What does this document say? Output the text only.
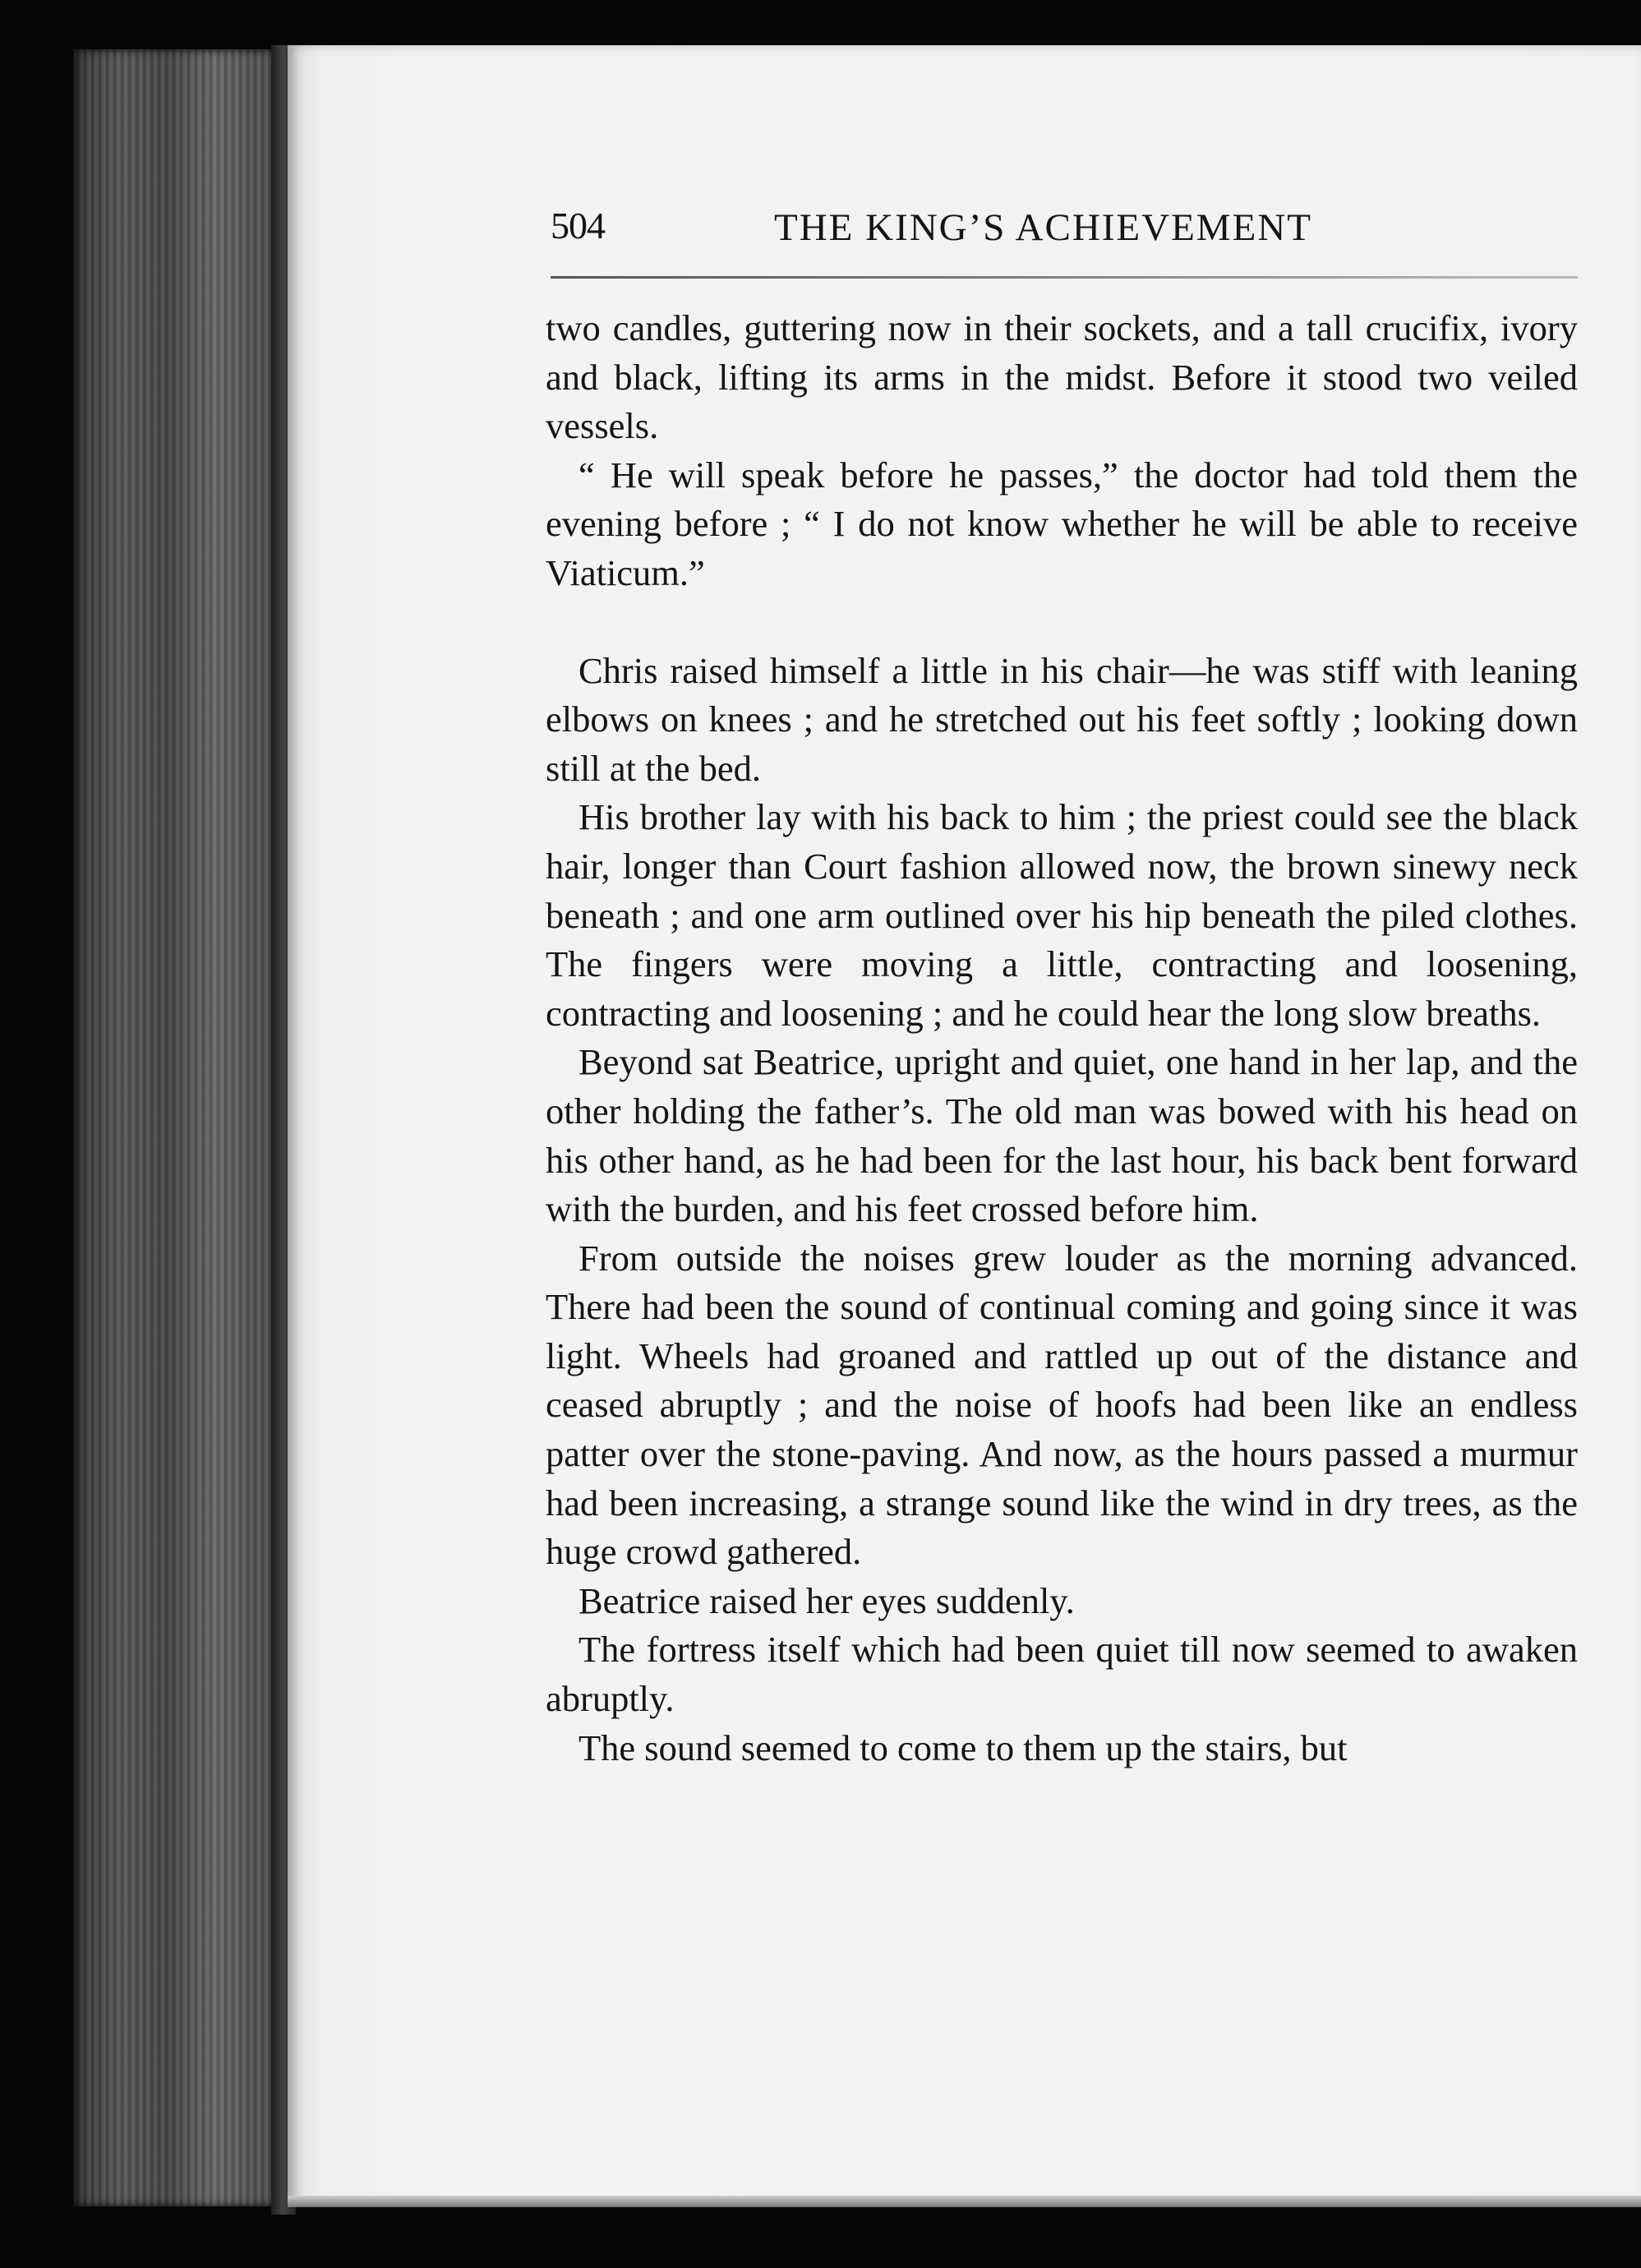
504	THE KING’S ACHIEVEMENT

two candles, guttering now in their sockets, and a tall crucifix, ivory and black, lifting its arms in the midst. Before it stood two veiled vessels.

“ He will speak before he passes,” the doctor had told them the evening before ; “ I do not know whether he will be able to receive Viaticum.”

Chris raised himself a little in his chair—he was stiff with leaning elbows on knees ; and he stretched out his feet softly ; looking down still at the bed.

His brother lay with his back to him ; the priest could see the black hair, longer than Court fashion allowed now, the brown sinewy neck beneath ; and one arm outlined over his hip beneath the piled clothes. The fingers were moving a little, contracting and loosening, contracting and loosening ; and he could hear the long slow breaths.

Beyond sat Beatrice, upright and quiet, one hand in her lap, and the other holding the father’s. The old man was bowed with his head on his other hand, as he had been for the last hour, his back bent forward with the burden, and his feet crossed before him.

From outside the noises grew louder as the morning advanced. There had been the sound of continual coming and going since it was light. Wheels had groaned and rattled up out of the distance and ceased abruptly ; and the noise of hoofs had been like an endless patter over the stone-paving. And now, as the hours passed a murmur had been increasing, a strange sound like the wind in dry trees, as the huge crowd gathered.

Beatrice raised her eyes suddenly.

The fortress itself which had been quiet till now seemed to awaken abruptly.

The sound seemed to come to them up the stairs, but
